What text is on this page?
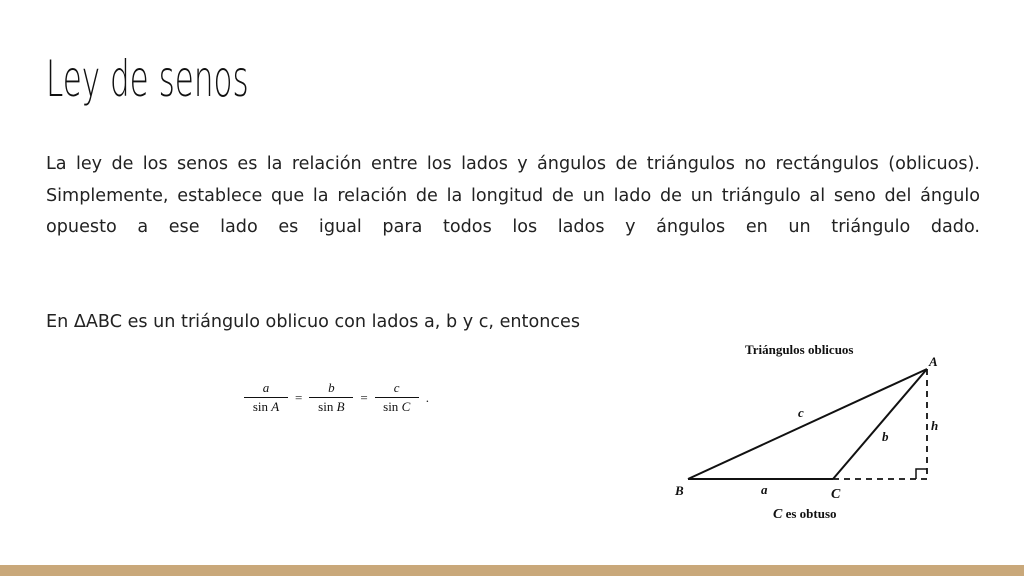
Ley de senos

La ley de los senos es la relación entre los lados y ángulos de triángulos no rectángulos (oblicuos). Simplemente, establece que la relación de la longitud de un lado de un triángulo al seno del ángulo opuesto a ese lado es igual para todos los lados y ángulos en un triángulo dado.

En ΔABC es un triángulo oblicuo con lados a, b y c, entonces

$\frac{a}{\text{sin A}} = \frac{b}{\text{sin B}} = \frac{c}{\text{sin C}}$ .
Triángulos oblicuos
A
B	C
a
b
c
h
C es obtuso
